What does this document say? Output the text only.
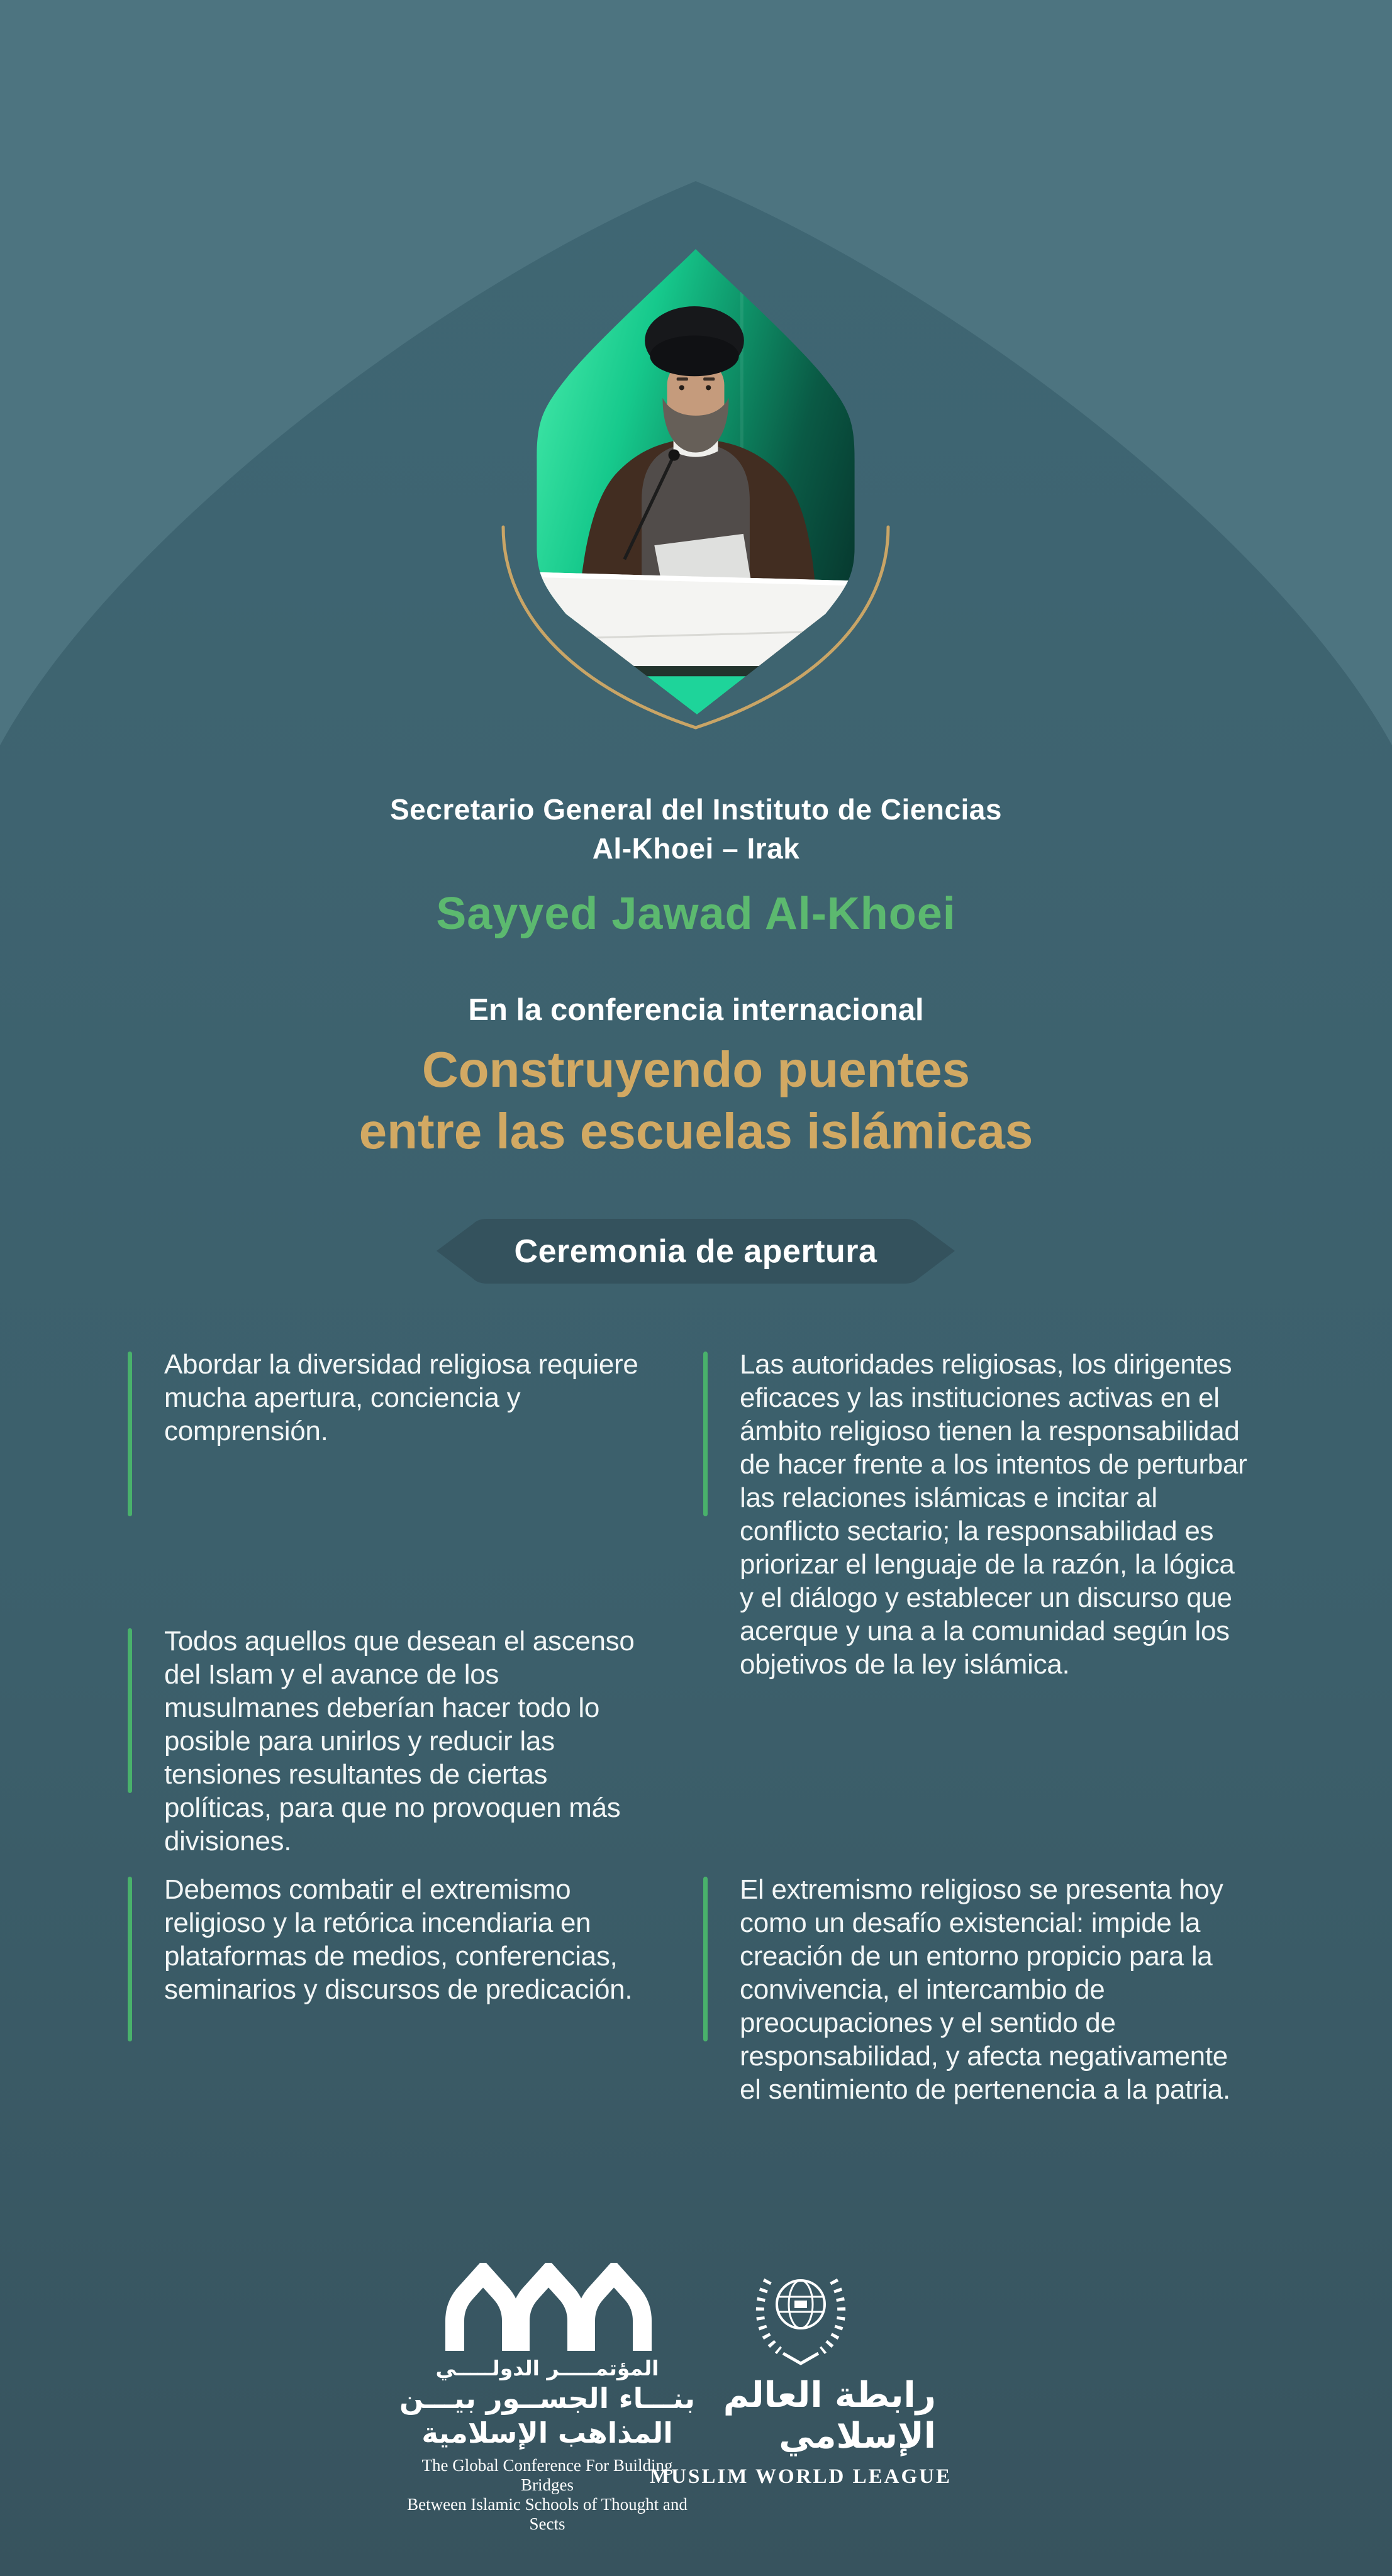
Secretario General del Instituto de Ciencias
Al-Khoei – Irak
Sayyed Jawad Al-Khoei
En la conferencia internacional
Construyendo puentes
entre las escuelas islámicas
Ceremonia de apertura
Abordar la diversidad religiosa requiere mucha apertura, conciencia y comprensión.
Todos aquellos que desean el ascenso del Islam y el avance de los musulmanes deberían hacer todo lo posible para unirlos y reducir las tensiones resultantes de ciertas políticas, para que no provoquen más divisiones.
Debemos combatir el extremismo religioso y la retórica incendiaria en plataformas de medios, conferencias, seminarios y discursos de predicación.
Las autoridades religiosas, los dirigentes eficaces y las instituciones activas en el ámbito religioso tienen la responsabilidad de hacer frente a los intentos de perturbar las relaciones islámicas e incitar al conflicto sectario; la responsabilidad es priorizar el lenguaje de la razón, la lógica y el diálogo y establecer un discurso que acerque y una a la comunidad según los objetivos de la ley islámica.
El extremismo religioso se presenta hoy como un desafío existencial: impide la creación de un entorno propicio para la convivencia, el intercambio de preocupaciones y el sentido de responsabilidad, y afecta negativamente el sentimiento de pertenencia a la patria.
المؤتمـــــر الدولـــــي
بنـــاء الجســور بيـــن
المذاهب الإسلامية
The Global Conference For Building Bridges
Between Islamic Schools of Thought and Sects
رابطة العالم الإسلامي
MUSLIM WORLD LEAGUE
